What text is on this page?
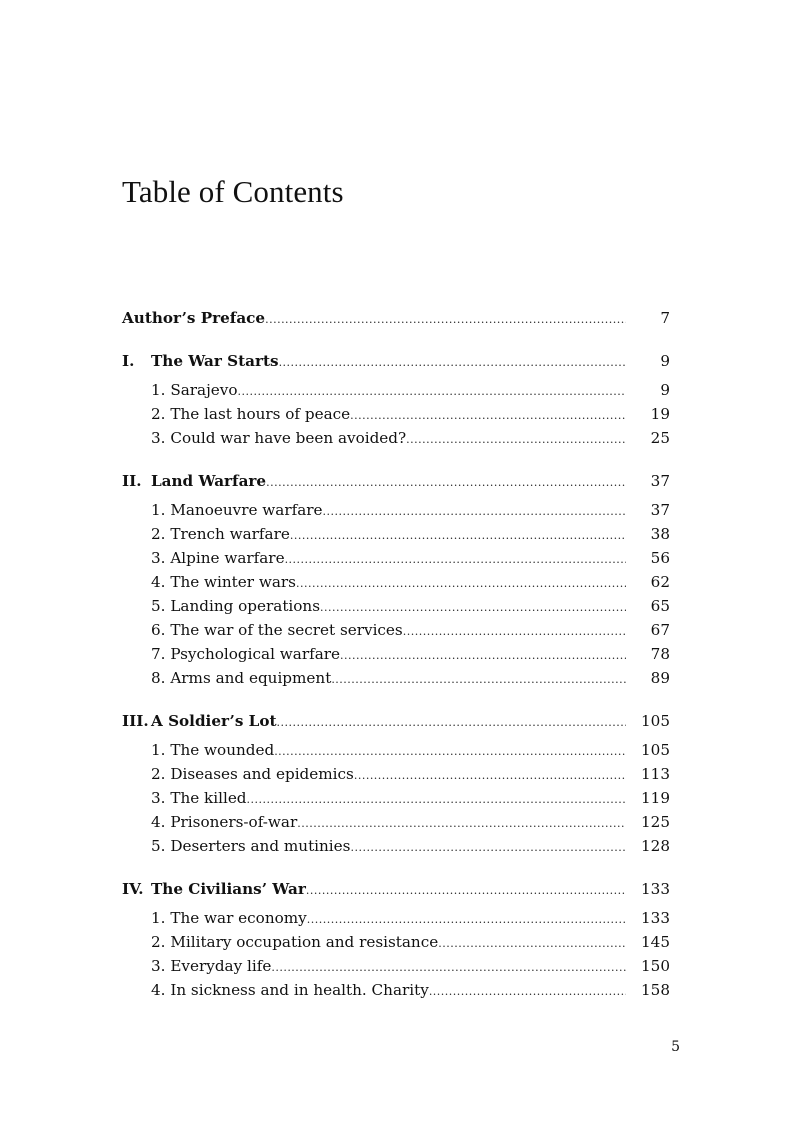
Table of Contents
Author’s Preface .....	7
I.	The War Starts .....	9
1. Sarajevo .....	9
2. The last hours of peace .....	19
3. Could war have been avoided? .....	25
II. Land Warfare .....	37
1. Manoeuvre warfare .....	37
2. Trench warfare .....	38
3. Alpine warfare .....	56
4. The winter wars .....	62
5. Landing operations .....	65
6. The war of the secret services .....	67
7. Psychological warfare .....	78
8. Arms and equipment .....	89
III. A Soldier’s Lot .....	105
1. The wounded .....	105
2. Diseases and epidemics .....	113
3. The killed .....	119
4. Prisoners-of-war .....	125
5. Deserters and mutinies .....	128
IV. The Civilians’ War .....	133
1. The war economy .....	133
2. Military occupation and resistance .....	145
3. Everyday life .....	150
4. In sickness and in health. Charity .....	158
5
